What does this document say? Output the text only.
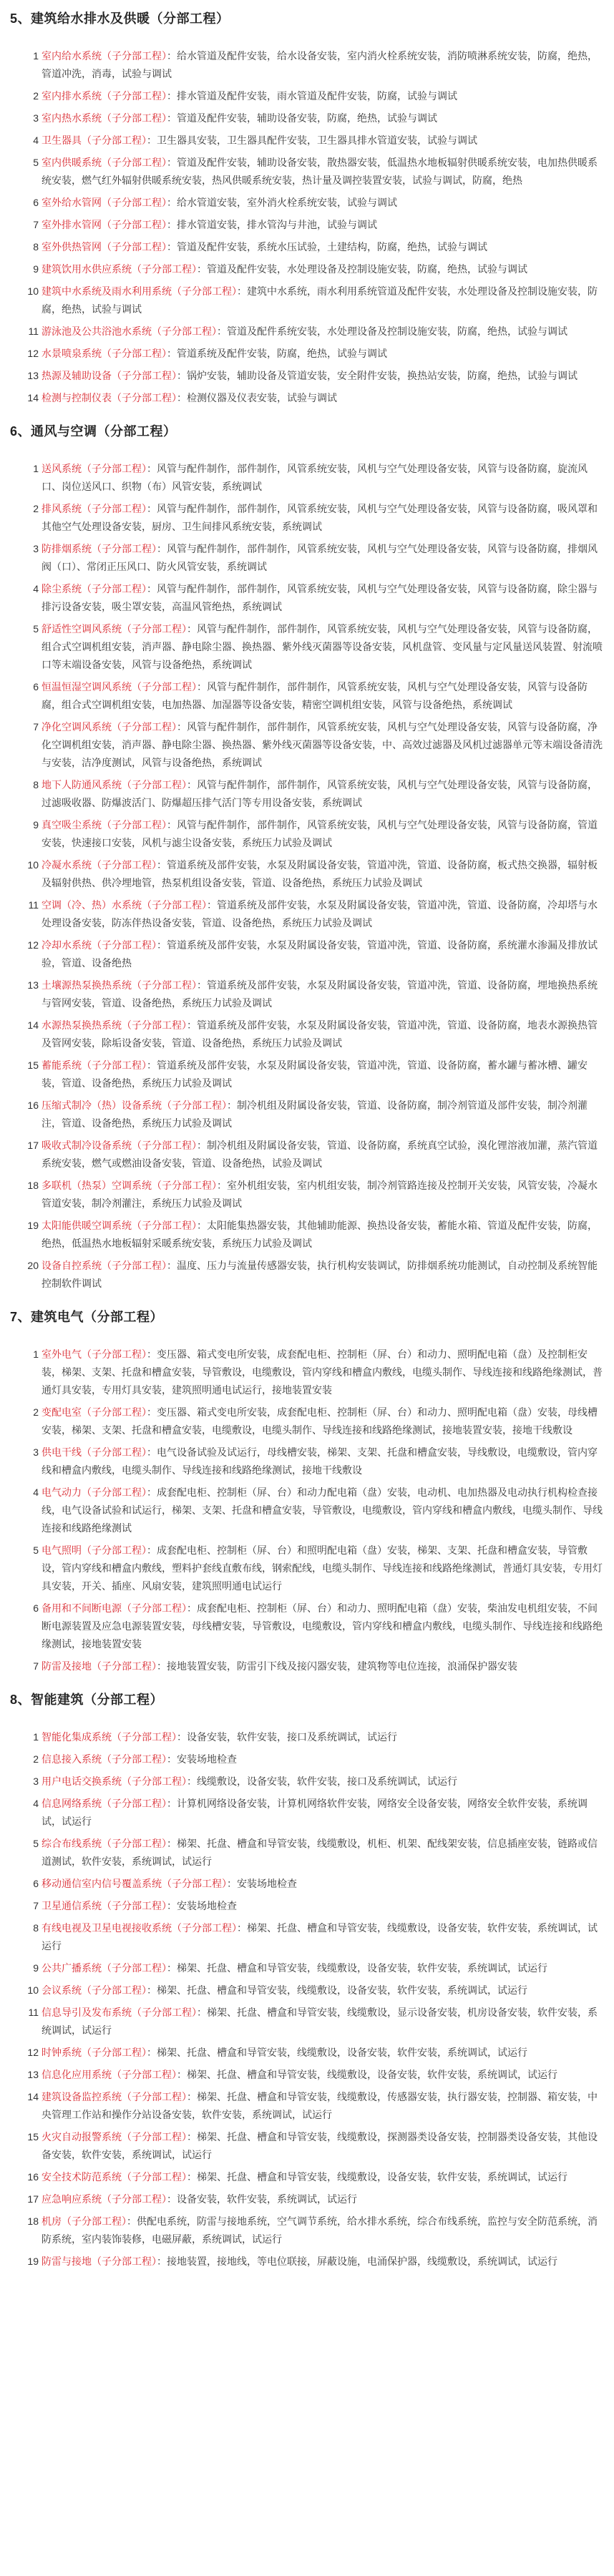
5、建筑给水排水及供暖（分部工程）
1 室内给水系统（子分部工程）：给水管道及配件安装，给水设备安装，室内消火栓系统安装，消防喷淋系统安装，防腐，绝热，管道冲洗，消毒，试验与调试
2 室内排水系统（子分部工程）：排水管道及配件安装，雨水管道及配件安装，防腐，试验与调试
3 室内热水系统（子分部工程）：管道及配件安装，辅助设备安装，防腐，绝热，试验与调试
4 卫生器具（子分部工程）：卫生器具安装，卫生器具配件安装，卫生器具排水管道安装，试验与调试
5 室内供暖系统（子分部工程）：管道及配件安装，辅助设备安装，散热器安装，低温热水地板辐射供暖系统安装，电加热供暖系统安装，燃气红外辐射供暖系统安装，热风供暖系统安装，热计量及调控装置安装，试验与调试，防腐，绝热
6 室外给水管网（子分部工程）：给水管道安装，室外消火栓系统安装，试验与调试
7 室外排水管网（子分部工程）：排水管道安装，排水管沟与井池，试验与调试
8 室外供热管网（子分部工程）：管道及配件安装，系统水压试验，土建结构，防腐，绝热，试验与调试
9 建筑饮用水供应系统（子分部工程）：管道及配件安装，水处理设备及控制设施安装，防腐，绝热，试验与调试
10 建筑中水系统及雨水利用系统（子分部工程）：建筑中水系统，雨水利用系统管道及配件安装，水处理设备及控制设施安装，防腐，绝热，试验与调试
11 游泳池及公共浴池水系统（子分部工程）：管道及配件系统安装，水处理设备及控制设施安装，防腐，绝热，试验与调试
12 水景喷泉系统（子分部工程）：管道系统及配件安装，防腐，绝热，试验与调试
13 热源及辅助设备（子分部工程）：锅炉安装，辅助设备及管道安装，安全附件安装，换热站安装，防腐，绝热，试验与调试
14 检测与控制仪表（子分部工程）：检测仪器及仪表安装，试验与调试
6、通风与空调（分部工程）
1 送风系统（子分部工程）：风管与配件制作，部件制作，风管系统安装，风机与空气处理设备安装，风管与设备防腐，旋流风口、岗位送风口、织物（布）风管安装，系统调试
2 排风系统（子分部工程）：风管与配件制作，部件制作，风管系统安装，风机与空气处理设备安装，风管与设备防腐，吸风罩和其他空气处理设备安装，厨房、卫生间排风系统安装，系统调试
3 防排烟系统（子分部工程）：风管与配件制作，部件制作，风管系统安装，风机与空气处理设备安装，风管与设备防腐，排烟风阀（口）、常闭正压风口、防火风管安装，系统调试
4 除尘系统（子分部工程）：风管与配件制作，部件制作，风管系统安装，风机与空气处理设备安装，风管与设备防腐，除尘器与排污设备安装，吸尘罩安装，高温风管绝热，系统调试
5 舒适性空调风系统（子分部工程）：风管与配件制作，部件制作，风管系统安装，风机与空气处理设备安装，风管与设备防腐，组合式空调机组安装，消声器、静电除尘器、换热器、紫外线灭菌器等设备安装，风机盘管、变风量与定风量送风装置、射流喷口等末端设备安装，风管与设备绝热，系统调试
6 恒温恒湿空调风系统（子分部工程）：风管与配件制作，部件制作，风管系统安装，风机与空气处理设备安装，风管与设备防腐，组合式空调机组安装，电加热器、加湿器等设备安装，精密空调机组安装，风管与设备绝热，系统调试
7 净化空调风系统（子分部工程）：风管与配件制作，部件制作，风管系统安装，风机与空气处理设备安装，风管与设备防腐，净化空调机组安装，消声器、静电除尘器、换热器、紫外线灭菌器等设备安装，中、高效过滤器及风机过滤器单元等末端设备清洗与安装，洁净度测试，风管与设备绝热，系统调试
8 地下人防通风系统（子分部工程）：风管与配件制作，部件制作，风管系统安装，风机与空气处理设备安装，风管与设备防腐，过滤吸收器、防爆波活门、防爆超压排气活门等专用设备安装，系统调试
9 真空吸尘系统（子分部工程）：风管与配件制作，部件制作，风管系统安装，风机与空气处理设备安装，风管与设备防腐，管道安装，快速接口安装，风机与滤尘设备安装，系统压力试验及调试
10 冷凝水系统（子分部工程）：管道系统及部件安装，水泵及附属设备安装，管道冲洗，管道、设备防腐，板式热交换器，辐射板及辐射供热、供冷埋地管，热泵机组设备安装，管道、设备绝热，系统压力试验及调试
11 空调（冷、热）水系统（子分部工程）：管道系统及部件安装，水泵及附属设备安装，管道冲洗，管道、设备防腐，冷却塔与水处理设备安装，防冻伴热设备安装，管道、设备绝热，系统压力试验及调试
12 冷却水系统（子分部工程）：管道系统及部件安装，水泵及附属设备安装，管道冲洗，管道、设备防腐，系统灌水渗漏及排放试验，管道、设备绝热
13 土壤源热泵换热系统（子分部工程）：管道系统及部件安装，水泵及附属设备安装，管道冲洗，管道、设备防腐，埋地换热系统与管网安装，管道、设备绝热，系统压力试验及调试
14 水源热泵换热系统（子分部工程）：管道系统及部件安装，水泵及附属设备安装，管道冲洗，管道、设备防腐，地表水源换热管及管网安装，除垢设备安装，管道、设备绝热，系统压力试验及调试
15 蓄能系统（子分部工程）：管道系统及部件安装，水泵及附属设备安装，管道冲洗，管道、设备防腐，蓄水罐与蓄冰槽、罐安装，管道、设备绝热，系统压力试验及调试
16 压缩式制冷（热）设备系统（子分部工程）：制冷机组及附属设备安装，管道、设备防腐，制冷剂管道及部件安装，制冷剂灌注，管道、设备绝热，系统压力试验及调试
17 吸收式制冷设备系统（子分部工程）：制冷机组及附属设备安装，管道、设备防腐，系统真空试验，溴化锂溶液加灌，蒸汽管道系统安装，燃气或燃油设备安装，管道、设备绝热，试验及调试
18 多联机（热泵）空调系统（子分部工程）：室外机组安装，室内机组安装，制冷剂管路连接及控制开关安装，风管安装，冷凝水管道安装，制冷剂灌注，系统压力试验及调试
19 太阳能供暖空调系统（子分部工程）：太阳能集热器安装，其他辅助能源、换热设备安装，蓄能水箱、管道及配件安装，防腐，绝热，低温热水地板辐射采暖系统安装，系统压力试验及调试
20 设备自控系统（子分部工程）：温度、压力与流量传感器安装，执行机构安装调试，防排烟系统功能测试，自动控制及系统智能控制软件调试
7、建筑电气（分部工程）
1 室外电气（子分部工程）：变压器、箱式变电所安装，成套配电柜、控制柜（屏、台）和动力、照明配电箱（盘）及控制柜安装，梯架、支架、托盘和槽盒安装，导管敷设，电缆敷设，管内穿线和槽盒内敷线，电缆头制作、导线连接和线路绝缘测试，普通灯具安装，专用灯具安装，建筑照明通电试运行，接地装置安装
2 变配电室（子分部工程）：变压器、箱式变电所安装，成套配电柜、控制柜（屏、台）和动力、照明配电箱（盘）安装，母线槽安装，梯架、支架、托盘和槽盒安装，电缆敷设，电缆头制作、导线连接和线路绝缘测试，接地装置安装，接地干线敷设
3 供电干线（子分部工程）：电气设备试验及试运行，母线槽安装，梯架、支架、托盘和槽盒安装，导线敷设，电缆敷设，管内穿线和槽盒内敷线，电缆头制作、导线连接和线路绝缘测试，接地干线敷设
4 电气动力（子分部工程）：成套配电柜、控制柜（屏、台）和动力配电箱（盘）安装，电动机、电加热器及电动执行机构检查接线，电气设备试验和试运行，梯架、支架、托盘和槽盒安装，导管敷设，电缆敷设，管内穿线和槽盒内敷线，电缆头制作、导线连接和线路绝缘测试
5 电气照明（子分部工程）：成套配电柜、控制柜（屏、台）和照明配电箱（盘）安装，梯架、支架、托盘和槽盒安装，导管敷设，管内穿线和槽盒内敷线，塑料护套线直敷布线，钢索配线，电缆头制作、导线连接和线路绝缘测试，普通灯具安装，专用灯具安装，开关、插座、风扇安装，建筑照明通电试运行
6 备用和不间断电源（子分部工程）：成套配电柜、控制柜（屏、台）和动力、照明配电箱（盘）安装，柴油发电机组安装，不间断电源装置及应急电源装置安装，母线槽安装，导管敷设，电缆敷设，管内穿线和槽盒内敷线，电缆头制作、导线连接和线路绝缘测试，接地装置安装
7 防雷及接地（子分部工程）：接地装置安装，防雷引下线及接闪器安装，建筑物等电位连接，浪涌保护器安装
8、智能建筑（分部工程）
1 智能化集成系统（子分部工程）：设备安装，软件安装，接口及系统调试，试运行
2 信息接入系统（子分部工程）：安装场地检查
3 用户电话交换系统（子分部工程）：线缆敷设，设备安装，软件安装，接口及系统调试，试运行
4 信息网络系统（子分部工程）：计算机网络设备安装，计算机网络软件安装，网络安全设备安装，网络安全软件安装，系统调试，试运行
5 综合布线系统（子分部工程）：梯架、托盘、槽盒和导管安装，线缆敷设，机柜、机架、配线架安装，信息插座安装，链路或信道测试，软件安装，系统调试，试运行
6 移动通信室内信号覆盖系统（子分部工程）：安装场地检查
7 卫星通信系统（子分部工程）：安装场地检查
8 有线电视及卫星电视接收系统（子分部工程）：梯架、托盘、槽盒和导管安装，线缆敷设，设备安装，软件安装，系统调试，试运行
9 公共广播系统（子分部工程）：梯架、托盘、槽盒和导管安装，线缆敷设，设备安装，软件安装，系统调试，试运行
10 会议系统（子分部工程）：梯架、托盘、槽盒和导管安装，线缆敷设，设备安装，软件安装，系统调试，试运行
11 信息导引及发布系统（子分部工程）：梯架、托盘、槽盒和导管安装，线缆敷设，显示设备安装，机房设备安装，软件安装，系统调试，试运行
12 时钟系统（子分部工程）：梯架、托盘、槽盒和导管安装，线缆敷设，设备安装，软件安装，系统调试，试运行
13 信息化应用系统（子分部工程）：梯架、托盘、槽盒和导管安装，线缆敷设，设备安装，软件安装，系统调试，试运行
14 建筑设备监控系统（子分部工程）：梯架、托盘、槽盒和导管安装，线缆敷设，传感器安装，执行器安装，控制器、箱安装，中央管理工作站和操作分站设备安装，软件安装，系统调试，试运行
15 火灾自动报警系统（子分部工程）：梯架、托盘、槽盒和导管安装，线缆敷设，探测器类设备安装，控制器类设备安装，其他设备安装，软件安装，系统调试，试运行
16 安全技术防范系统（子分部工程）：梯架、托盘、槽盒和导管安装，线缆敷设，设备安装，软件安装，系统调试，试运行
17 应急响应系统（子分部工程）：设备安装，软件安装，系统调试，试运行
18 机房（子分部工程）：供配电系统，防雷与接地系统，空气调节系统，给水排水系统，综合布线系统，监控与安全防范系统，消防系统，室内装饰装修，电磁屏蔽，系统调试，试运行
19 防雷与接地（子分部工程）：接地装置，接地线，等电位联接，屏蔽设施，电涌保护器，线缆敷设，系统调试，试运行
